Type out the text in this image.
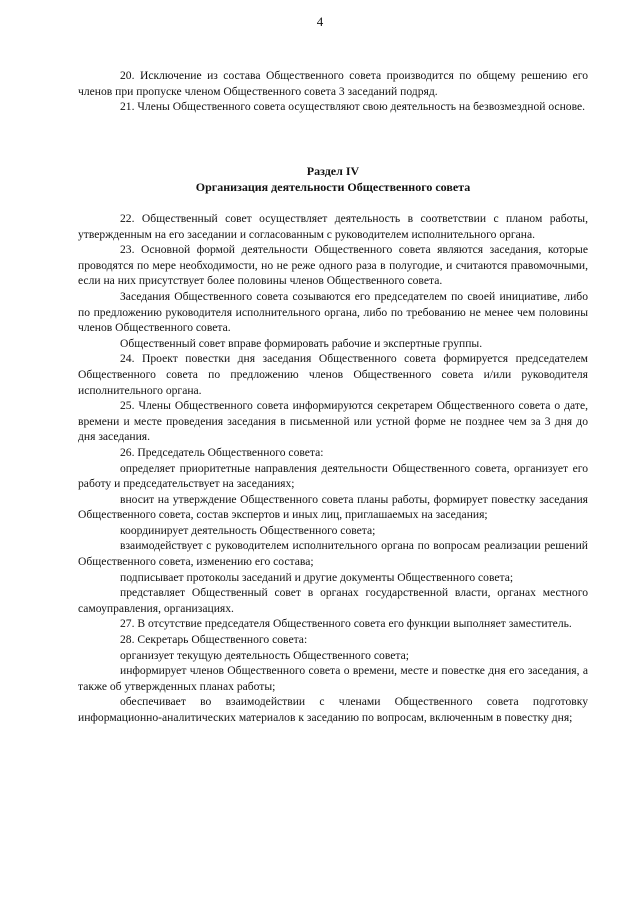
4

20. Исключение из состава Общественного совета производится по общему решению его членов при пропуске членом Общественного совета 3 заседаний подряд.

21. Члены Общественного совета осуществляют свою деятельность на безвозмездной основе.

Раздел IV
Организация деятельности Общественного совета

22. Общественный совет осуществляет деятельность в соответствии с планом работы, утвержденным на его заседании и согласованным с руководителем исполнительного органа.

23. Основной формой деятельности Общественного совета являются заседания, которые проводятся по мере необходимости, но не реже одного раза в полугодие, и считаются правомочными, если на них присутствует более половины членов Общественного совета.

Заседания Общественного совета созываются его председателем по своей инициативе, либо по предложению руководителя исполнительного органа, либо по требованию не менее чем половины членов Общественного совета.

Общественный совет вправе формировать рабочие и экспертные группы.

24. Проект повестки дня заседания Общественного совета формируется председателем Общественного совета по предложению членов Общественного совета и/или руководителя исполнительного органа.

25. Члены Общественного совета информируются секретарем Общественного совета о дате, времени и месте проведения заседания в письменной или устной форме не позднее чем за 3 дня до дня заседания.

26. Председатель Общественного совета:

определяет приоритетные направления деятельности Общественного совета, организует его работу и председательствует на заседаниях;

вносит на утверждение Общественного совета планы работы, формирует повестку заседания Общественного совета, состав экспертов и иных лиц, приглашаемых на заседания;

координирует деятельность Общественного совета;

взаимодействует с руководителем исполнительного органа по вопросам реализации решений Общественного совета, изменению его состава;

подписывает протоколы заседаний и другие документы Общественного совета;

представляет Общественный совет в органах государственной власти, органах местного самоуправления, организациях.

27. В отсутствие председателя Общественного совета его функции выполняет заместитель.

28. Секретарь Общественного совета:

организует текущую деятельность Общественного совета;

информирует членов Общественного совета о времени, месте и повестке дня его заседания, а также об утвержденных планах работы;

обеспечивает во взаимодействии с членами Общественного совета подготовку информационно-аналитических материалов к заседанию по вопросам, включенным в повестку дня;
